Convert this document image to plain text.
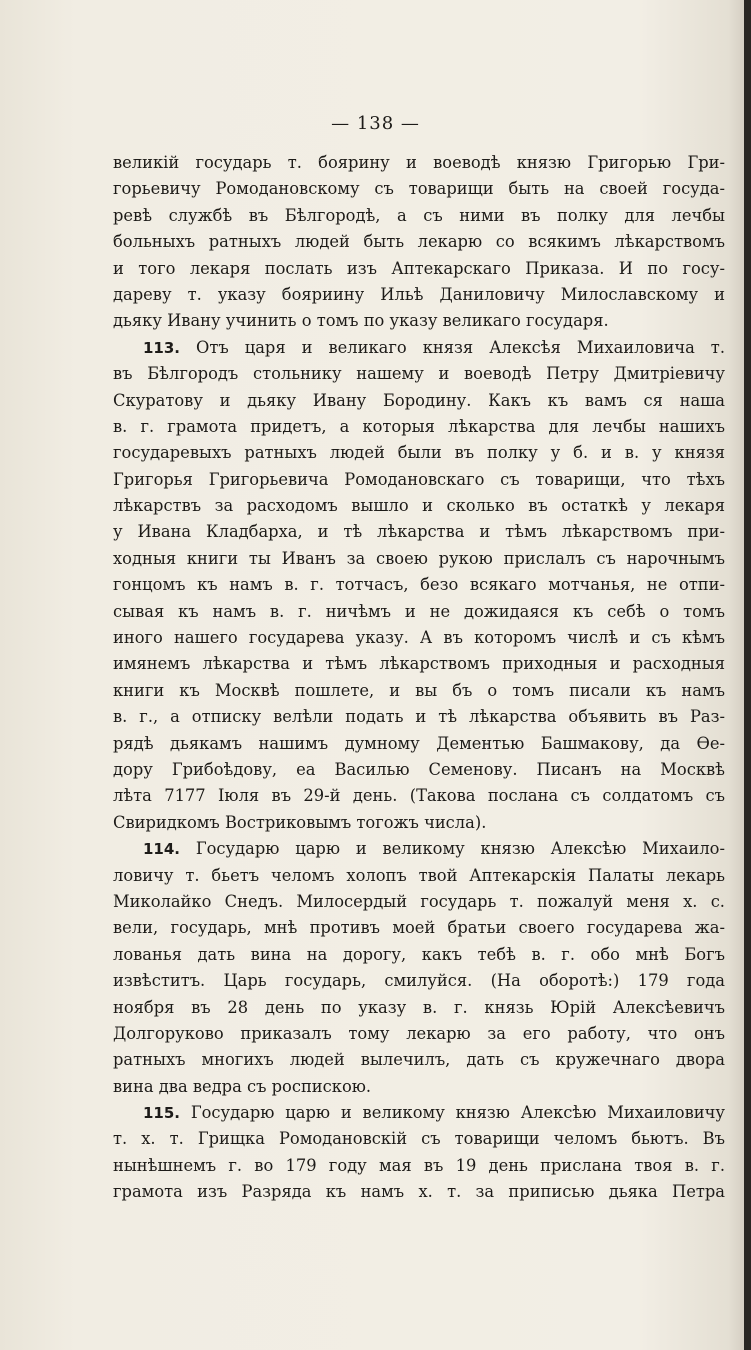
— 138 —
великій государь т. боярину и воеводѣ князю Григорью Гри-
горьевичу Ромодановскому съ товарищи быть на своей госуда-
ревѣ службѣ въ Бѣлгородѣ, а съ ними въ полку для лечбы
больныхъ ратныхъ людей быть лекарю со всякимъ лѣкарствомъ
и того лекаря послать изъ Аптекарскаго Приказа. И по госу-
дареву т. указу бояриину Ильѣ Даниловичу Милославскому и
дьяку Ивану учинить о томъ по указу великаго государя.
113. Отъ царя и великаго князя Алексѣя Михаиловича т.
въ Бѣлгородъ стольнику нашему и воеводѣ Петру Дмитріевичу
Скуратову и дьяку Ивану Бородину. Какъ къ вамъ ся наша
в. г. грамота придетъ, а которыя лѣкарства для лечбы нашихъ
государевыхъ ратныхъ людей были въ полку у б. и в. у князя
Григорья Григорьевича Ромодановскаго съ товарищи, что тѣхъ
лѣкарствъ за расходомъ вышло и сколько въ остаткѣ у лекаря
у Ивана Кладбарха, и тѣ лѣкарства и тѣмъ лѣкарствомъ при-
ходныя книги ты Иванъ за своею рукою прислалъ съ нарочнымъ
гонцомъ къ намъ в. г. тотчасъ, безо всякаго мотчанья, не отпи-
сывая къ намъ в. г. ничѣмъ и не дожидаяся къ себѣ о томъ
иного нашего государева указу. А въ которомъ числѣ и съ кѣмъ
имянемъ лѣкарства и тѣмъ лѣкарствомъ приходныя и расходныя
книги къ Москвѣ пошлете, и вы бъ о томъ писали къ намъ
в. г., а отписку велѣли подать и тѣ лѣкарства объявить въ Раз-
рядѣ дьякамъ нашимъ думному Дементью Башмакову, да Ѳе-
дору Грибоѣдову, еа Василью Семенову. Писанъ на Москвѣ
лѣта 7177 Іюля въ 29-й день. (Такова послана съ солдатомъ съ
Свиридкомъ Востриковымъ тогожъ числа).
114. Государю царю и великому князю Алексѣю Михаило-
ловичу т. бьетъ челомъ холопъ твой Аптекарскія Палаты лекарь
Миколайко Снедъ. Милосердый государь т. пожалуй меня х. с.
вели, государь, мнѣ противъ моей братьи своего государева жа-
лованья дать вина на дорогу, какъ тебѣ в. г. обо мнѣ Богъ
извѣститъ. Царь государь, смилуйся. (На оборотѣ:) 179 года
ноября въ 28 день по указу в. г. князь Юрій Алексѣевичъ
Долгоруково приказалъ тому лекарю за его работу, что онъ
ратныхъ многихъ людей вылечилъ, дать съ кружечнаго двора
вина два ведра съ роспискою.
115. Государю царю и великому князю Алексѣю Михаиловичу
т. х. т. Грищка Ромодановскій съ товарищи челомъ бьютъ. Въ
нынѣшнемъ г. во 179 году мая въ 19 день прислана твоя в. г.
грамота изъ Разряда къ намъ х. т. за приписью дьяка Петра
